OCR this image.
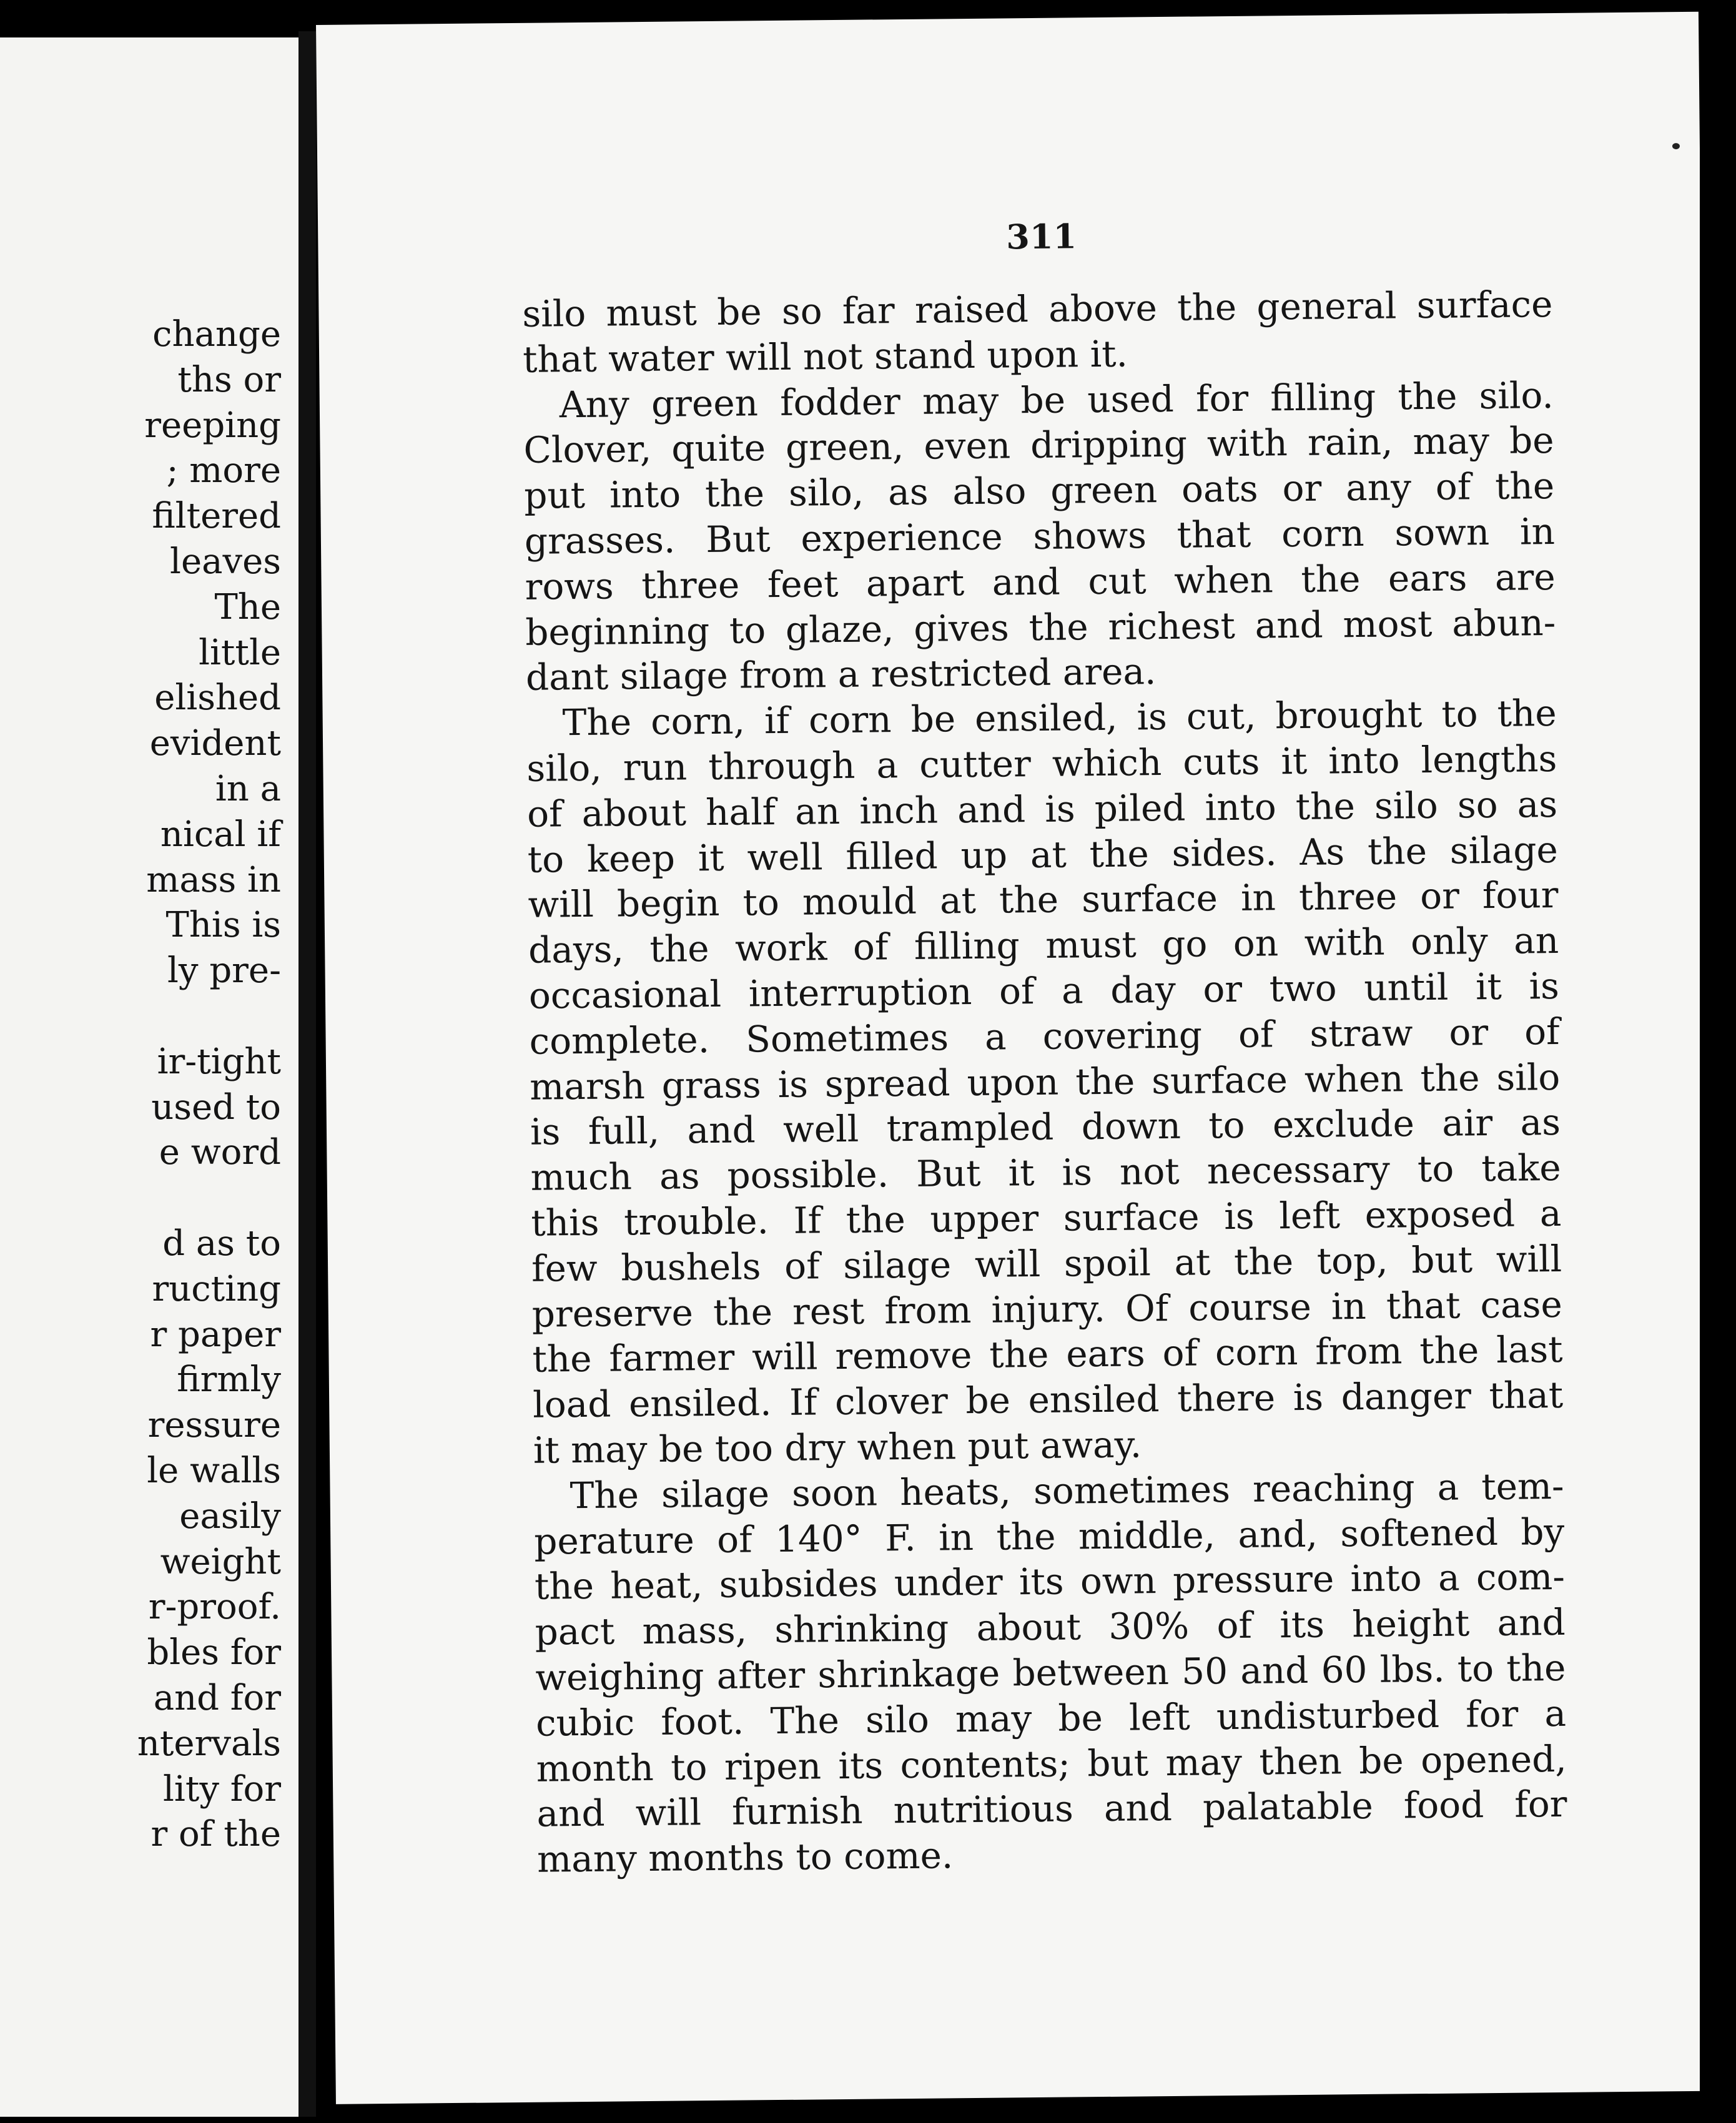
change
ths or
reeping
; more
filtered
leaves
The
little
elished
evident
in a
nical if
mass in
This is
ly pre-
ir-tight
used to
e word
d as to
ructing
r paper
firmly
ressure
le walls
easily
weight
r-proof.
bles for
and for
ntervals
lity for
r of the
311
silo must be so far raised above the general surface
that water will not stand upon it.
Any green fodder may be used for filling the silo.
Clover, quite green, even dripping with rain, may be
put into the silo, as also green oats or any of the
grasses. But experience shows that corn sown in
rows three feet apart and cut when the ears are
beginning to glaze, gives the richest and most abun-
dant silage from a restricted area.
The corn, if corn be ensiled, is cut, brought to the
silo, run through a cutter which cuts it into lengths
of about half an inch and is piled into the silo so as
to keep it well filled up at the sides. As the silage
will begin to mould at the surface in three or four
days, the work of filling must go on with only an
occasional interruption of a day or two until it is
complete. Sometimes a covering of straw or of
marsh grass is spread upon the surface when the silo
is full, and well trampled down to exclude air as
much as possible. But it is not necessary to take
this trouble. If the upper surface is left exposed a
few bushels of silage will spoil at the top, but will
preserve the rest from injury. Of course in that case
the farmer will remove the ears of corn from the last
load ensiled. If clover be ensiled there is danger that
it may be too dry when put away.
The silage soon heats, sometimes reaching a tem-
perature of 140° F. in the middle, and, softened by
the heat, subsides under its own pressure into a com-
pact mass, shrinking about 30% of its height and
weighing after shrinkage between 50 and 60 lbs. to the
cubic foot. The silo may be left undisturbed for a
month to ripen its contents; but may then be opened,
and will furnish nutritious and palatable food for
many months to come.
